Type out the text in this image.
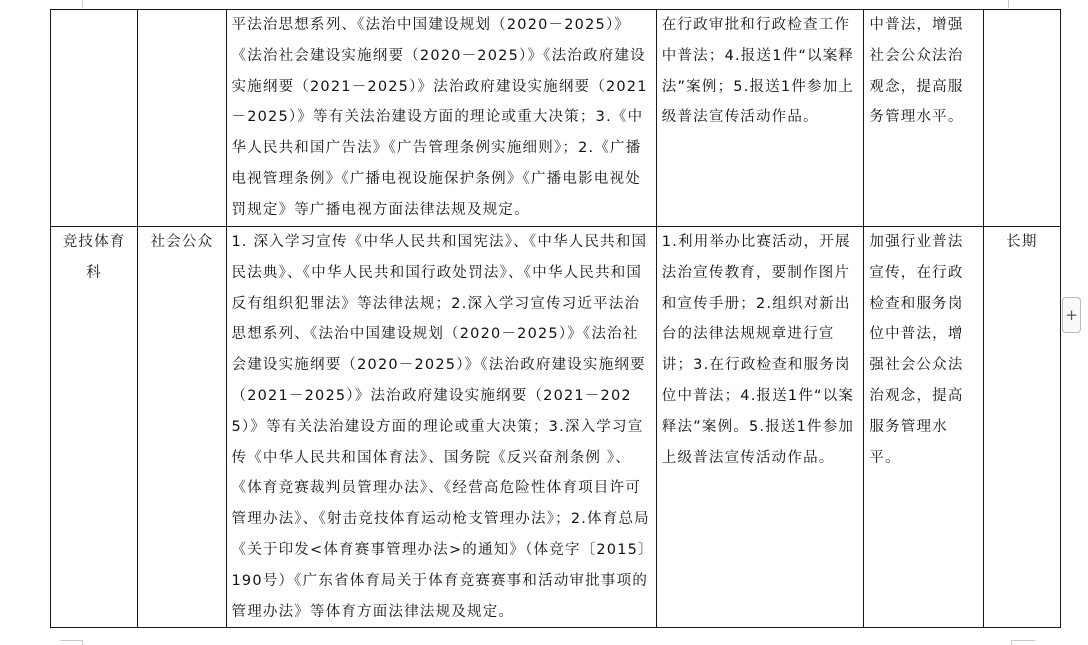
		平法治思想系列、《法治中国建设规划（2020－2025）》《法治社会建设实施纲要（2020－2025）》《法治政府建设实施纲要（2021－2025）》法治政府建设实施纲要（2021－2025）》等有关法治建设方面的理论或重大决策；3.《中华人民共和国广告法》《广告管理条例实施细则》；2.《广播电视管理条例》《广播电视设施保护条例》《广播电影电视处罚规定》等广播电视方面法律法规及规定。	在行政审批和行政检查工作中普法；4.报送1件“以案释法”案例；5.报送1件参加上级普法宣传活动作品。	中普法，增强社会公众法治观念，提高服务管理水平。	
竞技体育科	社会公众	1. 深入学习宣传《中华人民共和国宪法》、《中华人民共和国民法典》、《中华人民共和国行政处罚法》、《中华人民共和国反有组织犯罪法》等法律法规；2.深入学习宣传习近平法治思想系列、《法治中国建设规划（2020－2025）》《法治社会建设实施纲要（2020－2025）》《法治政府建设实施纲要（2021－2025）》法治政府建设实施纲要（2021－2025）》等有关法治建设方面的理论或重大决策；3.深入学习宣传《中华人民共和国体育法》、国务院《反兴奋剂条例 》、《体育竞赛裁判员管理办法》、《经营高危险性体育项目许可管理办法》、《射击竞技体育运动枪支管理办法》；2.体育总局《关于印发<体育赛事管理办法>的通知》（体竞字〔2015〕190号）《广东省体育局关于体育竞赛赛事和活动审批事项的管理办法》等体育方面法律法规及规定。	1.利用举办比赛活动，开展法治宣传教育，要制作图片和宣传手册；2.组织对新出台的法律法规规章进行宣讲；3.在行政检查和服务岗位中普法；4.报送1件“以案释法”案例。5.报送1件参加上级普法宣传活动作品。	加强行业普法宣传，在行政检查和服务岗位中普法，增强社会公众法治观念，提高服务管理水平。	长期
+
